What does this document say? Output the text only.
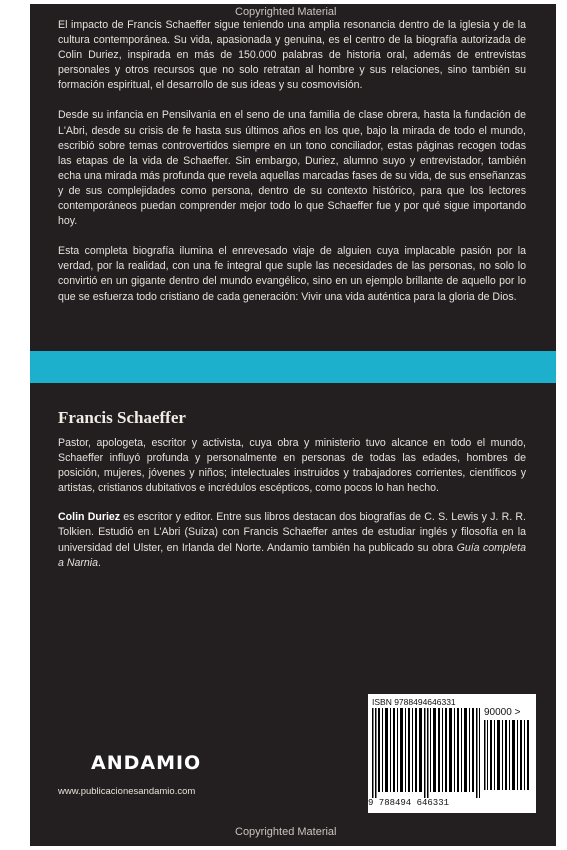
Copyrighted Material

El impacto de Francis Schaeffer sigue teniendo una amplia resonancia dentro de la iglesia y de la cultura contemporánea. Su vida, apasionada y genuina, es el centro de la biografía autorizada de Colin Duriez, inspirada en más de 150.000 palabras de historia oral, además de entrevistas personales y otros recursos que no solo retratan al hombre y sus relaciones, sino también su formación espiritual, el desarrollo de sus ideas y su cosmovisión.

Desde su infancia en Pensilvania en el seno de una familia de clase obrera, hasta la fundación de L'Abri, desde su crisis de fe hasta sus últimos años en los que, bajo la mirada de todo el mundo, escribió sobre temas controvertidos siempre en un tono conciliador, estas páginas recogen todas las etapas de la vida de Schaeffer. Sin embargo, Duriez, alumno suyo y entrevistador, también echa una mirada más profunda que revela aquellas marcadas fases de su vida, de sus enseñanzas y de sus complejidades como persona, dentro de su contexto histórico, para que los lectores contemporáneos puedan comprender mejor todo lo que Schaeffer fue y por qué sigue importando hoy.

Esta completa biografía ilumina el enrevesado viaje de alguien cuya implacable pasión por la verdad, por la realidad, con una fe integral que suple las necesidades de las personas, no solo lo convirtió en un gigante dentro del mundo evangélico, sino en un ejemplo brillante de aquello por lo que se esfuerza todo cristiano de cada generación: Vivir una vida auténtica para la gloria de Dios.

Francis Schaeffer

Pastor, apologeta, escritor y activista, cuya obra y ministerio tuvo alcance en todo el mundo, Schaeffer influyó profunda y personalmente en personas de todas las edades, hombres de posición, mujeres, jóvenes y niños; intelectuales instruidos y trabajadores corrientes, científicos y artistas, cristianos dubitativos e incrédulos escépticos, como pocos lo han hecho.

Colin Duriez es escritor y editor. Entre sus libros destacan dos biografías de C. S. Lewis y J. R. R. Tolkien. Estudió en L'Abri (Suiza) con Francis Schaeffer antes de estudiar inglés y filosofía en la universidad del Ulster, en Irlanda del Norte. Andamio también ha publicado su obra Guía completa a Narnia.

ANDAMIO
www.publicacionesandamio.com
ISBN 9788494646331
90000 >
9 788494 646331
Copyrighted Material
